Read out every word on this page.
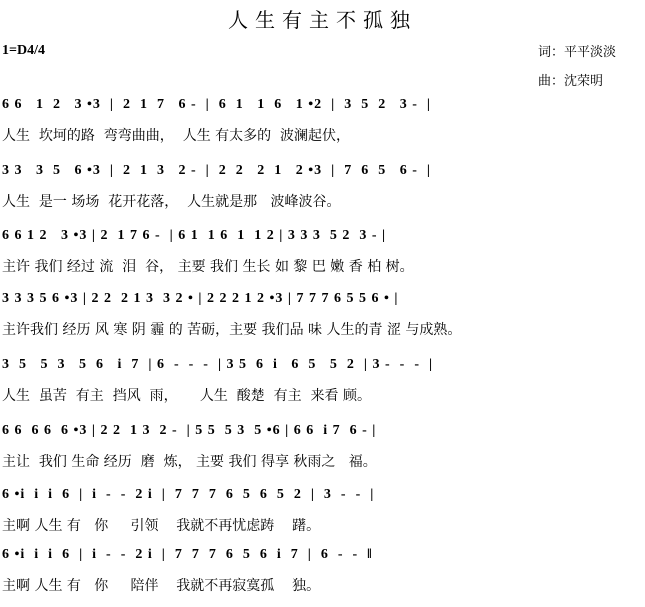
人生有主不孤独
1=D4/4	词：平平淡淡
曲：沈荣明
6 6   1  2   3 •3  |  2  1  7   6 -  |  6  1   1  6   1 •2  |  3  5  2   3 -  |
人生  坎坷的路  弯弯曲曲，  人生 有太多的  波澜起伏，
3 3   3  5   6 •3  |  2  1  3   2 -  |  2  2   2  1   2 •3  |  7  6  5   6 -  |
人生  是一 场场  花开花落，  人生就是那   波峰波谷。
6 6 1 2   3 •3 | 2  1 7 6 -  | 6 1  1 6  1  1 2 | 3 3 3  5 2  3 - |
主许 我们 经过 流  泪  谷， 主要 我们 生长 如 黎 巴 嫩 香 柏 树。
3 3 3 5 6 •3 | 2 2  2 1 3  3 2 • | 2 2 2 1 2 •3 | 7 7 7 6 5 5 6 • |
主许我们 经历 风 寒 阴 霾 的 苦砺，主要 我们品 味 人生的青 涩 与成熟。
3  5   5  3   5  6   i  7  | 6  -  -  -  | 3 5  6  i   6  5   5  2  | 3 -  -  -  |
人生  虽苦  有主  挡风  雨，     人生  酸楚  有主  来看 顾。
6 6  6 6  6 •3 | 2 2  1 3  2 -  | 5 5  5 3  5 •6 | 6 6  i 7  6 - |
主让  我们 生命 经历  磨  炼， 主要 我们 得享 秋雨之   福。
6 •i  i  i  6  |  i  -  -  2 i  |  7  7  7  6  5  6  5  2  |  3  -  -  |
主啊 人生 有   你     引领    我就不再忧虑踌    躇。
6 •i  i  i  6  |  i  -  -  2 i  |  7  7  7  6  5  6  i  7  |  6  -  -  ‖
主啊 人生 有   你     陪伴    我就不再寂寞孤    独。
